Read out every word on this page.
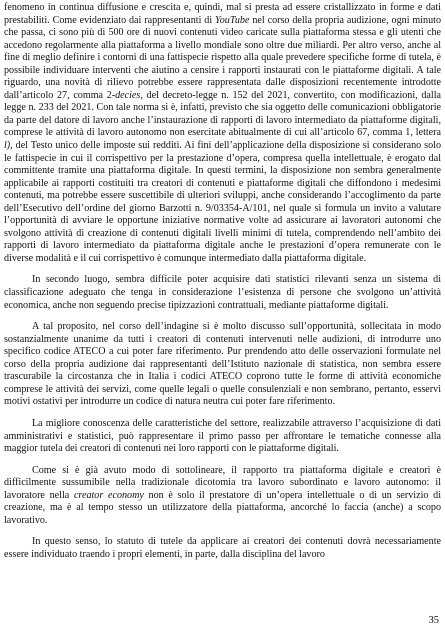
fenomeno in continua diffusione e crescita e, quindi, mal si presta ad essere cristallizzato in forme e dati prestabiliti. Come evidenziato dai rappresentanti di YouTube nel corso della propria audizione, ogni minuto che passa, ci sono più di 500 ore di nuovi contenuti video caricate sulla piattaforma stessa e gli utenti che accedono regolarmente alla piattaforma a livello mondiale sono oltre due miliardi. Per altro verso, anche al fine di meglio definire i contorni di una fattispecie rispetto alla quale prevedere specifiche forme di tutela, è possibile individuare interventi che aiutino a censire i rapporti instaurati con le piattaforme digitali. A tale riguardo, una novità di rilievo potrebbe essere rappresentata dalle disposizioni recentemente introdotte dall’articolo 27, comma 2-decies, del decreto-legge n. 152 del 2021, convertito, con modificazioni, dalla legge n. 233 del 2021. Con tale norma si è, infatti, previsto che sia oggetto delle comunicazioni obbligatorie da parte del datore di lavoro anche l’instaurazione di rapporti di lavoro intermediato da piattaforme digitali, comprese le attività di lavoro autonomo non esercitate abitualmente di cui all’articolo 67, comma 1, lettera l), del Testo unico delle imposte sui redditi. Ai fini dell’applicazione della disposizione si considerano solo le fattispecie in cui il corrispettivo per la prestazione d’opera, compresa quella intellettuale, è erogato dal committente tramite una piattaforma digitale. In questi termini, la disposizione non sembra generalmente applicabile ai rapporti costituiti tra creatori di contenuti e piattaforme digitali che diffondono i medesimi contenuti, ma potrebbe essere suscettibile di ulteriori sviluppi, anche considerando l’accoglimento da parte dell’Esecutivo dell’ordine del giorno Barzotti n. 9/03354-A/101, nel quale si formula un invito a valutare l’opportunità di avviare le opportune iniziative normative volte ad assicurare ai lavoratori autonomi che svolgono attività di creazione di contenuti digitali livelli minimi di tutela, comprendendo nell’ambito dei rapporti di lavoro intermediato da piattaforma digitale anche le prestazioni d’opera remunerate con le diverse modalità e il cui corrispettivo è comunque intermediato dalla piattaforma digitale.

In secondo luogo, sembra difficile poter acquisire dati statistici rilevanti senza un sistema di classificazione adeguato che tenga in considerazione l’esistenza di persone che svolgono un’attività economica, anche non seguendo precise tipizzazioni contrattuali, mediante piattaforme digitali.

A tal proposito, nel corso dell’indagine si è molto discusso sull’opportunità, sollecitata in modo sostanzialmente unanime da tutti i creatori di contenuti intervenuti nelle audizioni, di introdurre uno specifico codice ATECO a cui poter fare riferimento. Pur prendendo atto delle osservazioni formulate nel corso della propria audizione dai rappresentanti dell’Istituto nazionale di statistica, non sembra essere trascurabile la circostanza che in Italia i codici ATECO coprono tutte le forme di attività economiche comprese le attività dei servizi, come quelle legali o quelle consulenziali e non sembrano, pertanto, esservi motivi ostativi per introdurre un codice di natura neutra cui poter fare riferimento.

La migliore conoscenza delle caratteristiche del settore, realizzabile attraverso l’acquisizione di dati amministrativi e statistici, può rappresentare il primo passo per affrontare le tematiche connesse alla maggior tutela dei creatori di contenuti nei loro rapporti con le piattaforme digitali.

Come si è già avuto modo di sottolineare, il rapporto tra piattaforma digitale e creatori è difficilmente sussumibile nella tradizionale dicotomia tra lavoro subordinato e lavoro autonomo: il lavoratore nella creator economy non è solo il prestatore di un’opera intellettuale o di un servizio di creazione, ma è al tempo stesso un utilizzatore della piattaforma, ancorché lo faccia (anche) a scopo lavorativo.

In questo senso, lo statuto di tutele da applicare ai creatori dei contenuti dovrà necessariamente essere individuato traendo i propri elementi, in parte, dalla disciplina del lavoro

35
